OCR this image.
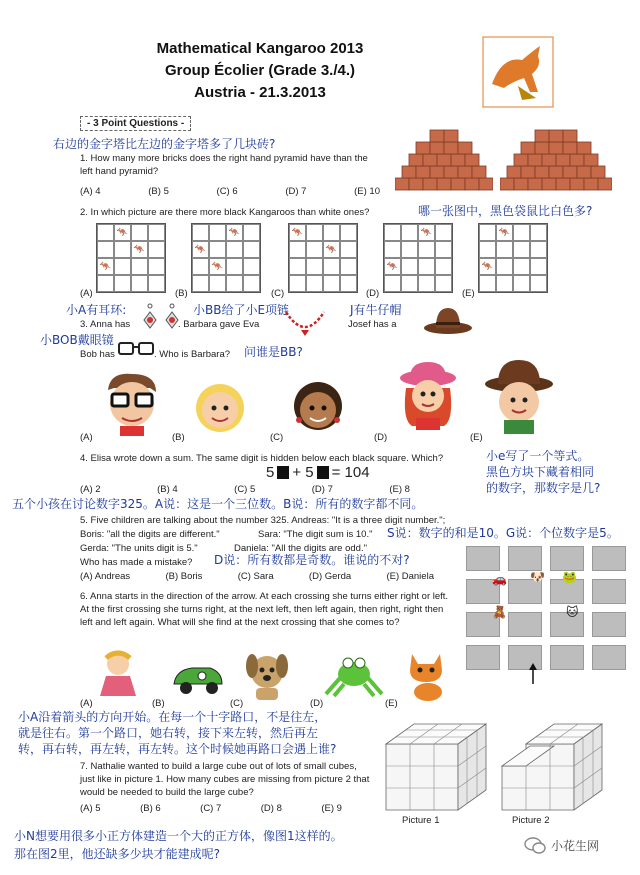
Mathematical Kangaroo 2013
Group Écolier (Grade 3./4.)
Austria - 21.3.2013
- 3 Point Questions -
右边的金字塔比左边的金字塔多了几块砖?
1. How many more bricks does the right hand pyramid have than the left hand pyramid?
(A) 4	(B) 5	(C) 6	(D) 7	(E) 10
2. In which picture are there more black Kangaroos than white ones?	哪一张图中，黑色袋鼠比白色多?
🦘
🦘
🦘
🦘
🦘
🦘
🦘
🦘
🦘
🦘
🦘
🦘
(A)	(B)	(C)	(D)	(E)
小A有耳环:	小BB给了小E项链	J有牛仔帽
3. Anna has	. Barbara gave Eva	Josef has a
小BOB戴眼镜
Bob has	. Who is Barbara? 问谁是BB?
(A)	(B)	(C)	(D)	(E)
4. Elisa wrote down a sum. The same digit is hidden below each black square. Which?	小e写了一个等式。
黑色方块下藏着相同
的数字，那数字是几?
5 + 5 = 104
(A) 2	(B) 4	(C) 5	(D) 7	(E) 8
五个小孩在讨论数字325。A说：这是一个三位数。B说：所有的数字都不同。
5. Five children are talking about the number 325. Andreas: "It is a three digit number.";
Boris: "all the digits are different."	Sara: "The digit sum is 10." S说：数字的和是10。G说：个位数字是5。
Gerda: "The units digit is 5."	Daniela: "All the digits are odd."
Who has made a mistake? D说：所有数都是奇数。谁说的不对?
(A) Andreas	(B) Boris	(C) Sara	(D) Gerda	(E) Daniela	🚗 🐶 🐸
🧸	🐱
6. Anna starts in the direction of the arrow. At each crossing she turns either right or left. At the first crossing she turns right, at the next left, then left again, then right, right then left and left again. What will she find at the next crossing that she comes to?
(A)	(B)	(C)	(D)	(E)
小A沿着箭头的方向开始。在每一个十字路口，不是往左，
就是往右。第一个路口，她右转，接下来左转，然后再左
转，再右转，再左转，再左转。这个时候她再路口会遇上谁?
7. Nathalie wanted to build a large cube out of lots of small cubes, just like in picture 1. How many cubes are missing from picture 2 that would be needed to build the large cube?
(A) 5	(B) 6	(C) 7	(D) 8	(E) 9
Picture 1	Picture 2
小N想要用很多小正方体建造一个大的正方体，像图1这样的。
那在图2里，他还缺多少块才能建成呢?
小花生网
